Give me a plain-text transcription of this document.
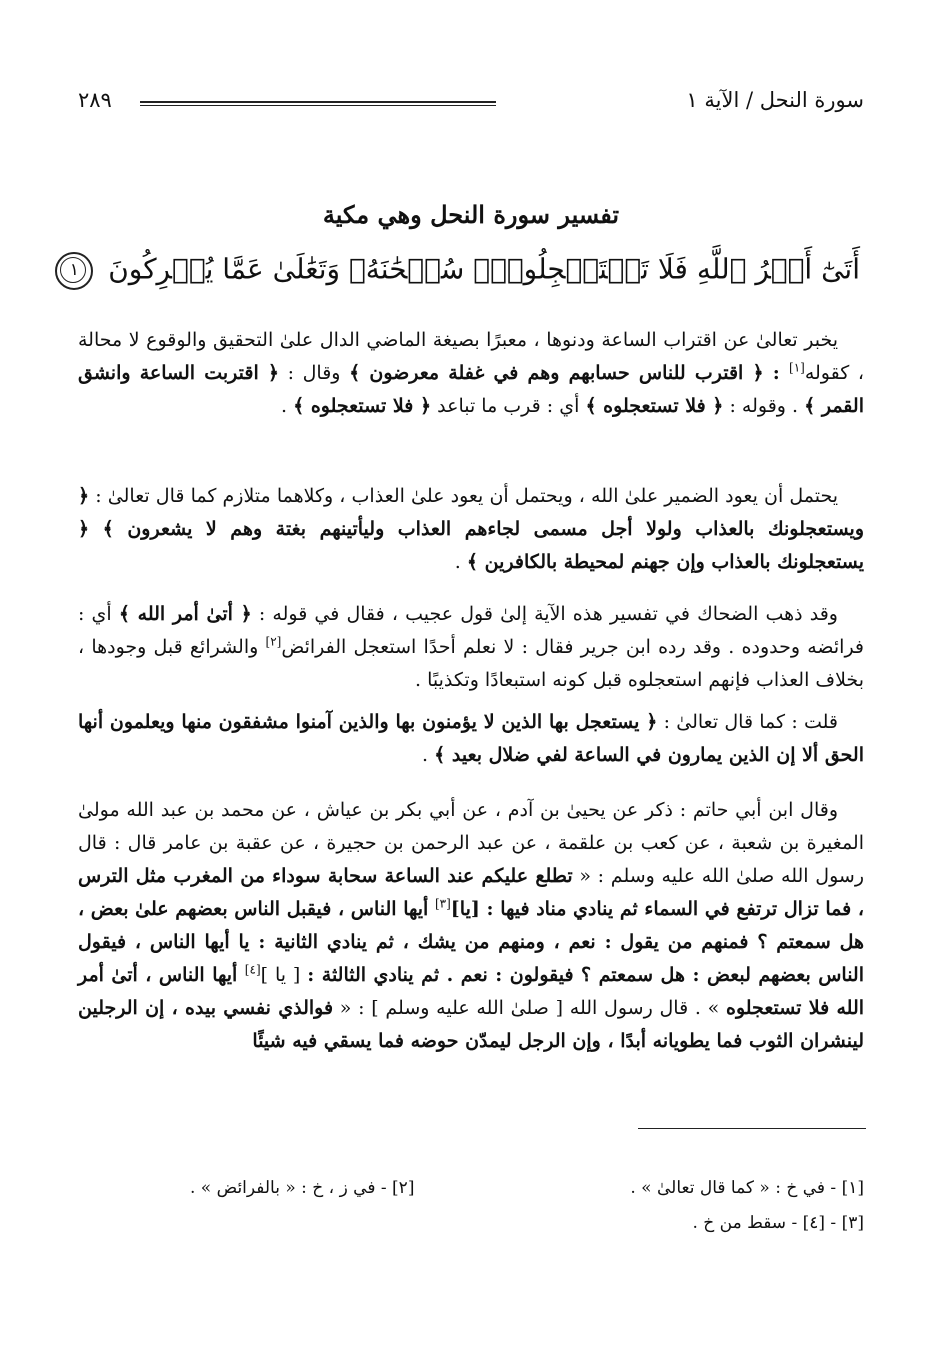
سورة النحل / الآية ١
٢٨٩
تفسير سورة النحل وهي مكية
أَتَىٰٓ أَمۡرُ ٱللَّهِ فَلَا تَسۡتَعۡجِلُوهُۚ سُبۡحَٰنَهُۥ وَتَعَٰلَىٰ عَمَّا يُشۡرِكُونَ ١
يخبر تعالىٰ عن اقتراب الساعة ودنوها ، معبرًا بصيغة الماضي الدال علىٰ التحقيق والوقوع لا محالة ، كقوله[١] : ﴿ اقترب للناس حسابهم وهم في غفلة معرضون ﴾ وقال : ﴿ اقتربت الساعة وانشق القمر ﴾ . وقوله : ﴿ فلا تستعجلوه ﴾ أي : قرب ما تباعد ﴿ فلا تستعجلوه ﴾ .
يحتمل أن يعود الضمير علىٰ الله ، ويحتمل أن يعود علىٰ العذاب ، وكلاهما متلازم كما قال تعالىٰ : ﴿ ويستعجلونك بالعذاب ولولا أجل مسمى لجاءهم العذاب وليأتينهم بغتة وهم لا يشعرون ﴾ ﴿ يستعجلونك بالعذاب وإن جهنم لمحيطة بالكافرين ﴾ .
وقد ذهب الضحاك في تفسير هذه الآية إلىٰ قول عجيب ، فقال في قوله : ﴿ أتىٰ أمر الله ﴾ أي : فرائضه وحدوده . وقد رده ابن جرير فقال : لا نعلم أحدًا استعجل الفرائض[٢] والشرائع قبل وجودها ، بخلاف العذاب فإنهم استعجلوه قبل كونه استبعادًا وتكذيبًا .
قلت : كما قال تعالىٰ : ﴿ يستعجل بها الذين لا يؤمنون بها والذين آمنوا مشفقون منها ويعلمون أنها الحق ألا إن الذين يمارون في الساعة لفي ضلال بعيد ﴾ .
وقال ابن أبي حاتم : ذكر عن يحيىٰ بن آدم ، عن أبي بكر بن عياش ، عن محمد بن عبد الله مولىٰ المغيرة بن شعبة ، عن كعب بن علقمة ، عن عبد الرحمن بن حجيرة ، عن عقبة بن عامر قال : قال رسول الله صلىٰ الله عليه وسلم : « تطلع عليكم عند الساعة سحابة سوداء من المغرب مثل الترس ، فما تزال ترتفع في السماء ثم ينادي مناد فيها : [يا][٣] أيها الناس ، فيقبل الناس بعضهم علىٰ بعض ، هل سمعتم ؟ فمنهم من يقول : نعم ، ومنهم من يشك ، ثم ينادي الثانية : يا أيها الناس ، فيقول الناس بعضهم لبعض : هل سمعتم ؟ فيقولون : نعم . ثم ينادي الثالثة : [ يا ][٤] أيها الناس ، أتىٰ أمر الله فلا تستعجلوه » . قال رسول الله [ صلىٰ الله عليه وسلم ] : « فوالذي نفسي بيده ، إن الرجلين لينشران الثوب فما يطويانه أبدًا ، وإن الرجل ليمدّن حوضه فما يسقي فيه شيئًا
[١] - في خ : « كما قال تعالىٰ » .
[٢] - في ز ، خ : « بالفرائض » .
[٣] - [٤] - سقط من خ .
